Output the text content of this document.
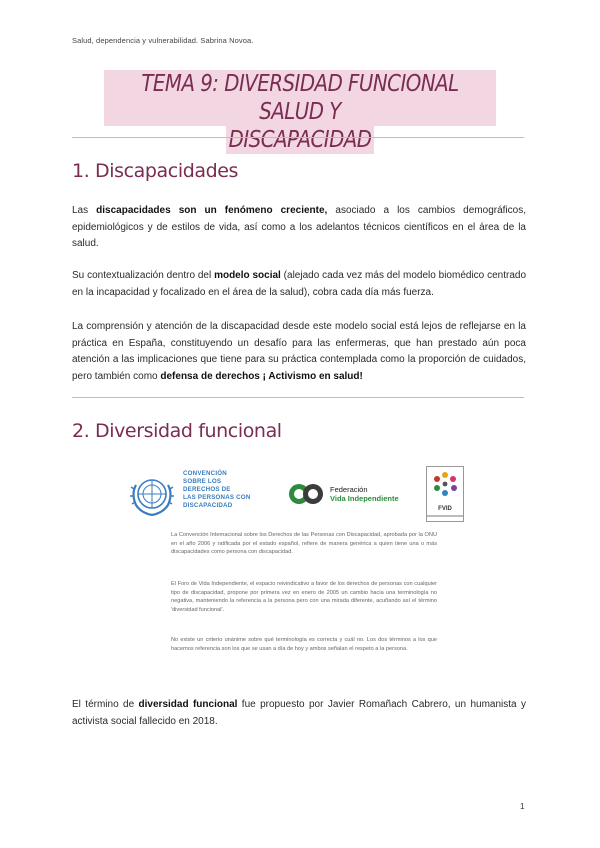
Salud, dependencia y vulnerabilidad. Sabrina Novoa.
TEMA 9: DIVERSIDAD FUNCIONAL SALUD Y
DISCAPACIDAD
1. Discapacidades
Las discapacidades son un fenómeno creciente, asociado a los cambios demográficos, epidemiológicos y de estilos de vida, así como a los adelantos técnicos científicos en el área de la salud.
Su contextualización dentro del modelo social (alejado cada vez más del modelo biomédico centrado en la incapacidad y focalizado en el área de la salud), cobra cada día más fuerza.
La comprensión y atención de la discapacidad desde este modelo social está lejos de reflejarse en la práctica en España, constituyendo un desafío para las enfermeras, que han prestado aún poca atención a las implicaciones que tiene para su práctica contemplada como la proporción de cuidados, pero también como defensa de derechos ¡ Activismo en salud!
2. Diversidad funcional
CONVENCIÓN
SOBRE LOS
DERECHOS DE
LAS PERSONAS CON
DISCAPACIDAD
Federación
Vida Independiente
FVID
La Convención Internacional sobre los Derechos de las Personas con Discapacidad, aprobada por la ONU en el año 2006 y ratificada por el estado español, refiere de manera genérica a quien tiene una o más discapacidades como persona con discapacidad.
El Foro de Vida Independiente, el espacio reivindicativo a favor de los derechos de personas con cualquier tipo de discapacidad, propone por primera vez en enero de 2005 un cambio hacia una terminología no negativa, manteniendo la referencia a la persona pero con una mirada diferente, acuñando así el término 'diversidad funcional'.
No existe un criterio unánime sobre qué terminología es correcta y cuál no. Los dos términos a los que hacemos referencia son los que se usan a día de hoy y ambos señalan el respeto a la persona.
El término de diversidad funcional fue propuesto por Javier Romañach Cabrero, un humanista y activista social fallecido en 2018.
1
